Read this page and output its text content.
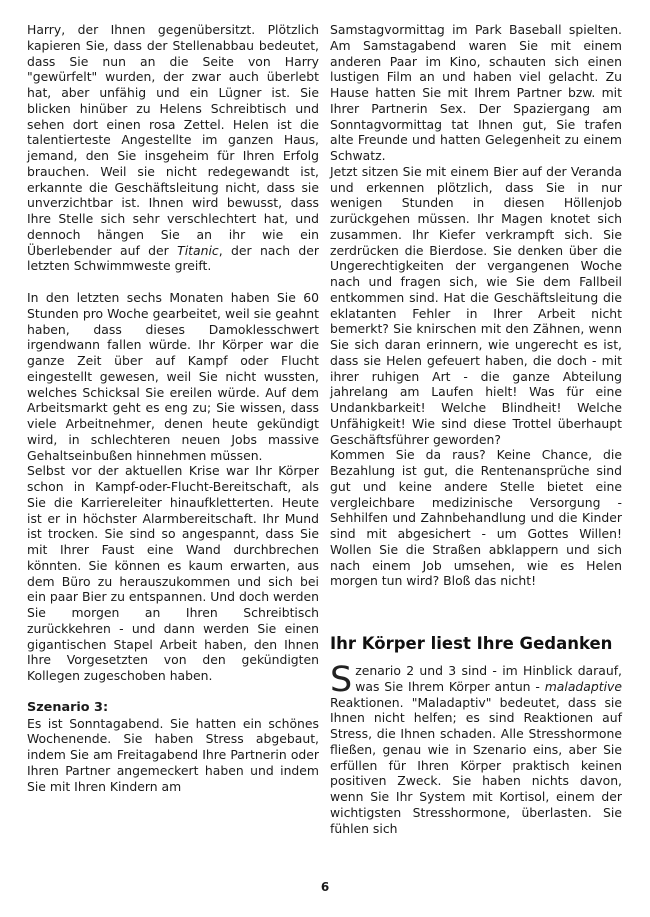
Harry, der Ihnen gegenübersitzt. Plötzlich kapieren Sie, dass der Stellenabbau bedeutet, dass Sie nun an die Seite von Harry "gewürfelt" wurden, der zwar auch überlebt hat, aber unfähig und ein Lügner ist. Sie blicken hinüber zu Helens Schreibtisch und sehen dort einen rosa Zettel. Helen ist die talentierteste Angestellte im ganzen Haus, jemand, den Sie insgeheim für Ihren Erfolg brauchen. Weil sie nicht redegewandt ist, erkannte die Geschäftsleitung nicht, dass sie unverzichtbar ist. Ihnen wird bewusst, dass Ihre Stelle sich sehr verschlechtert hat, und dennoch hängen Sie an ihr wie ein Überlebender auf der Titanic, der nach der letzten Schwimmweste greift.

In den letzten sechs Monaten haben Sie 60 Stunden pro Woche gearbeitet, weil sie geahnt haben, dass dieses Damoklesschwert irgendwann fallen würde. Ihr Körper war die ganze Zeit über auf Kampf oder Flucht eingestellt gewesen, weil Sie nicht wussten, welches Schicksal Sie ereilen würde. Auf dem Arbeitsmarkt geht es eng zu; Sie wissen, dass viele Arbeitnehmer, denen heute gekündigt wird, in schlechteren neuen Jobs massive Gehaltseinbußen hinnehmen müssen.

Selbst vor der aktuellen Krise war Ihr Körper schon in Kampf-oder-Flucht-Bereitschaft, als Sie die Karriereleiter hinaufkletterten. Heute ist er in höchster Alarmbereitschaft. Ihr Mund ist trocken. Sie sind so angespannt, dass Sie mit Ihrer Faust eine Wand durchbrechen könnten. Sie können es kaum erwarten, aus dem Büro zu herauszukommen und sich bei ein paar Bier zu entspannen. Und doch werden Sie morgen an Ihren Schreibtisch zurückkehren - und dann werden Sie einen gigantischen Stapel Arbeit haben, den Ihnen Ihre Vorgesetzten von den gekündigten Kollegen zugeschoben haben.

Szenario 3:

Es ist Sonntagabend. Sie hatten ein schönes Wochenende. Sie haben Stress abgebaut, indem Sie am Freitagabend Ihre Partnerin oder Ihren Partner angemeckert haben und indem Sie mit Ihren Kindern am

Samstagvormittag im Park Baseball spielten. Am Samstagabend waren Sie mit einem anderen Paar im Kino, schauten sich einen lustigen Film an und haben viel gelacht. Zu Hause hatten Sie mit Ihrem Partner bzw. mit Ihrer Partnerin Sex. Der Spaziergang am Sonntagvormittag tat Ihnen gut, Sie trafen alte Freunde und hatten Gelegenheit zu einem Schwatz.

Jetzt sitzen Sie mit einem Bier auf der Veranda und erkennen plötzlich, dass Sie in nur wenigen Stunden in diesen Höllenjob zurückgehen müssen. Ihr Magen knotet sich zusammen. Ihr Kiefer verkrampft sich. Sie zerdrücken die Bierdose. Sie denken über die Ungerechtigkeiten der vergangenen Woche nach und fragen sich, wie Sie dem Fallbeil entkommen sind. Hat die Geschäftsleitung die eklatanten Fehler in Ihrer Arbeit nicht bemerkt? Sie knirschen mit den Zähnen, wenn Sie sich daran erinnern, wie ungerecht es ist, dass sie Helen gefeuert haben, die doch - mit ihrer ruhigen Art - die ganze Abteilung jahrelang am Laufen hielt! Was für eine Undankbarkeit! Welche Blindheit! Welche Unfähigkeit! Wie sind diese Trottel überhaupt Geschäftsführer geworden?

Kommen Sie da raus? Keine Chance, die Bezahlung ist gut, die Rentenansprüche sind gut und keine andere Stelle bietet eine vergleichbare medizinische Versorgung - Sehhilfen und Zahnbehandlung und die Kinder sind mit abgesichert - um Gottes Willen! Wollen Sie die Straßen abklappern und sich nach einem Job umsehen, wie es Helen morgen tun wird? Bloß das nicht!

Ihr Körper liest Ihre Gedanken

Szenario 2 und 3 sind - im Hinblick darauf, was Sie Ihrem Körper antun - maladaptive Reaktionen. "Maladaptiv" bedeutet, dass sie Ihnen nicht helfen; es sind Reaktionen auf Stress, die Ihnen schaden. Alle Stresshormone fließen, genau wie in Szenario eins, aber Sie erfüllen für Ihren Körper praktisch keinen positiven Zweck. Sie haben nichts davon, wenn Sie Ihr System mit Kortisol, einem der wichtigsten Stresshormone, überlasten. Sie fühlen sich

6
